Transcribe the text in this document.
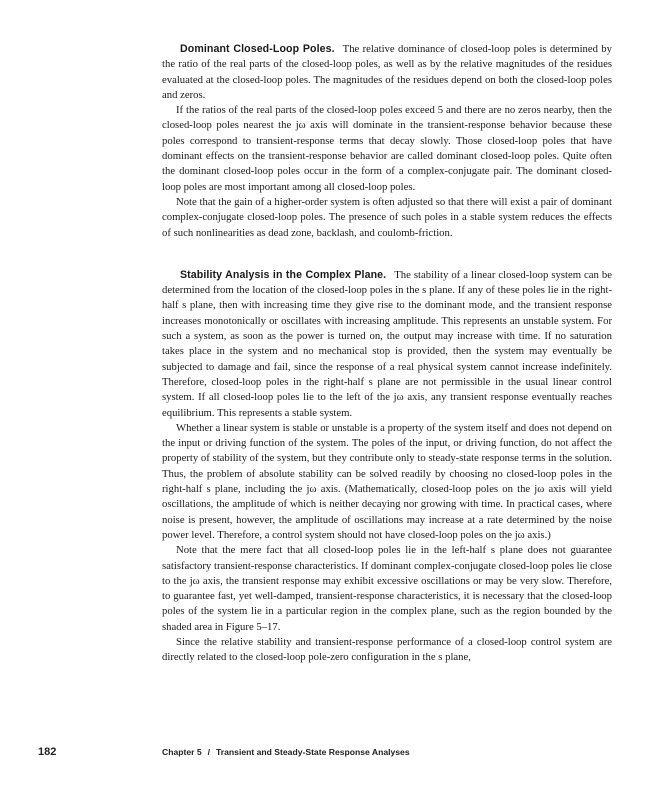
Dominant Closed-Loop Poles. The relative dominance of closed-loop poles is determined by the ratio of the real parts of the closed-loop poles, as well as by the relative magnitudes of the residues evaluated at the closed-loop poles. The magnitudes of the residues depend on both the closed-loop poles and zeros.

If the ratios of the real parts of the closed-loop poles exceed 5 and there are no zeros nearby, then the closed-loop poles nearest the jω axis will dominate in the transient-response behavior because these poles correspond to transient-response terms that decay slowly. Those closed-loop poles that have dominant effects on the transient-response behavior are called dominant closed-loop poles. Quite often the dominant closed-loop poles occur in the form of a complex-conjugate pair. The dominant closed-loop poles are most important among all closed-loop poles.

Note that the gain of a higher-order system is often adjusted so that there will exist a pair of dominant complex-conjugate closed-loop poles. The presence of such poles in a stable system reduces the effects of such nonlinearities as dead zone, backlash, and coulomb-friction.

Stability Analysis in the Complex Plane. The stability of a linear closed-loop system can be determined from the location of the closed-loop poles in the s plane. If any of these poles lie in the right-half s plane, then with increasing time they give rise to the dominant mode, and the transient response increases monotonically or oscillates with increasing amplitude. This represents an unstable system. For such a system, as soon as the power is turned on, the output may increase with time. If no saturation takes place in the system and no mechanical stop is provided, then the system may eventually be subjected to damage and fail, since the response of a real physical system cannot increase indefinitely. Therefore, closed-loop poles in the right-half s plane are not permissible in the usual linear control system. If all closed-loop poles lie to the left of the jω axis, any transient response eventually reaches equilibrium. This represents a stable system.

Whether a linear system is stable or unstable is a property of the system itself and does not depend on the input or driving function of the system. The poles of the input, or driving function, do not affect the property of stability of the system, but they contribute only to steady-state response terms in the solution. Thus, the problem of absolute stability can be solved readily by choosing no closed-loop poles in the right-half s plane, including the jω axis. (Mathematically, closed-loop poles on the jω axis will yield oscillations, the amplitude of which is neither decaying nor growing with time. In practical cases, where noise is present, however, the amplitude of oscillations may increase at a rate determined by the noise power level. Therefore, a control system should not have closed-loop poles on the jω axis.)

Note that the mere fact that all closed-loop poles lie in the left-half s plane does not guarantee satisfactory transient-response characteristics. If dominant complex-conjugate closed-loop poles lie close to the jω axis, the transient response may exhibit excessive oscillations or may be very slow. Therefore, to guarantee fast, yet well-damped, transient-response characteristics, it is necessary that the closed-loop poles of the system lie in a particular region in the complex plane, such as the region bounded by the shaded area in Figure 5–17.

Since the relative stability and transient-response performance of a closed-loop control system are directly related to the closed-loop pole-zero configuration in the s plane,

182	Chapter 5 / Transient and Steady-State Response Analyses
